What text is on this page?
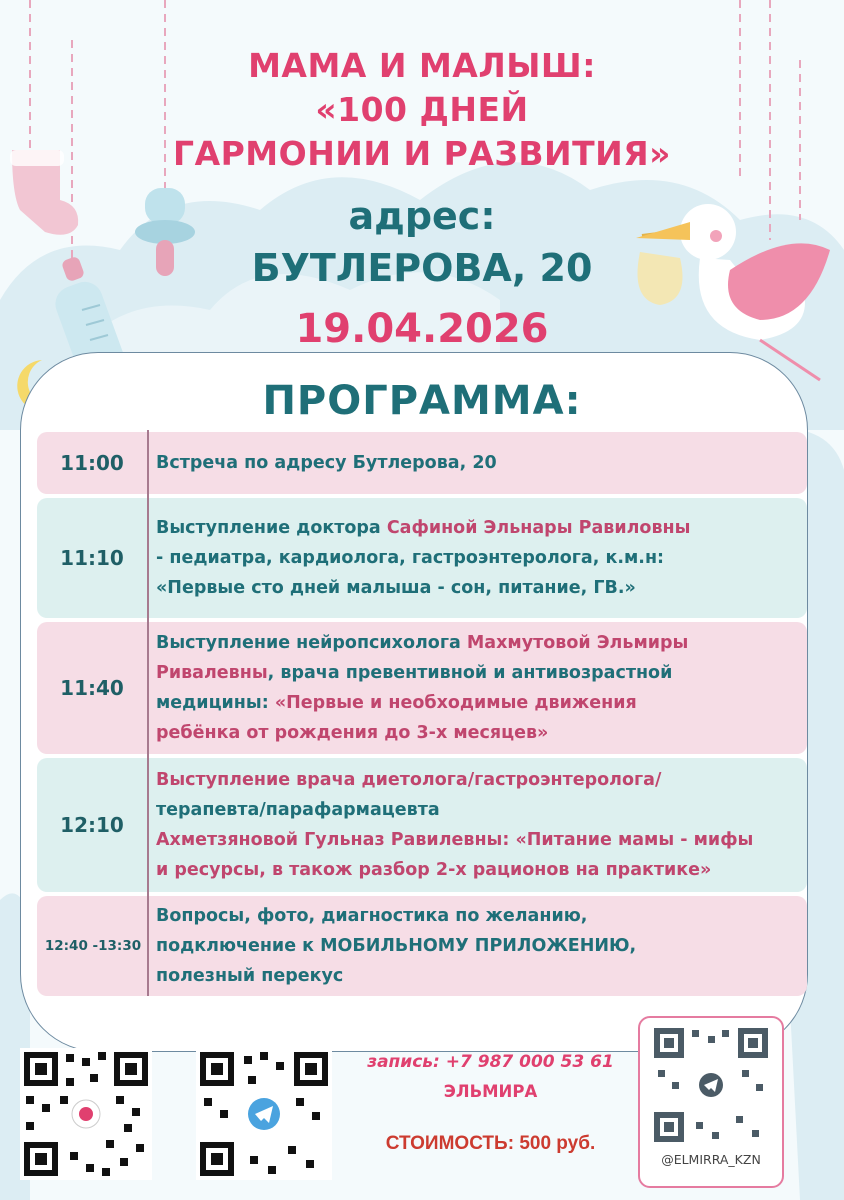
МАМА И МАЛЫШ:
«100 ДНЕЙ
ГАРМОНИИ И РАЗВИТИЯ»

адрес:

БУТЛЕРОВА, 20

19.04.2026

ПРОГРАММА:

11:00	Встреча по адресу Бутлерова, 20
11:10
Выступление доктора Сафиной Эльнары Равиловны
- педиатра, кардиолога, гастроэнтеролога, к.м.н:
«Первые сто дней малыша - сон, питание, ГВ.»
11:40
Выступление нейропсихолога Махмутовой Эльмиры
Ривалевны, врача превентивной и антивозрастной
медицины: «Первые и необходимые движения
ребёнка от рождения до 3-х месяцев»
12:10
Выступление врача диетолога/гастроэнтеролога/
терапевта/парафармацевта
Ахметзяновой Гульназ Равилевны: «Питание мамы - мифы
и ресурсы, в також разбор 2-х рационов на практике»
12:40 -13:30
Вопросы, фото, диагностика по желанию,
подключение к МОБИЛЬНОМУ ПРИЛОЖЕНИЮ,
полезный перекус

запись: +7 987 000 53 61

ЭЛЬМИРА

СТОИМОСТЬ: 500 руб.

@ELMIRRA_KZN
